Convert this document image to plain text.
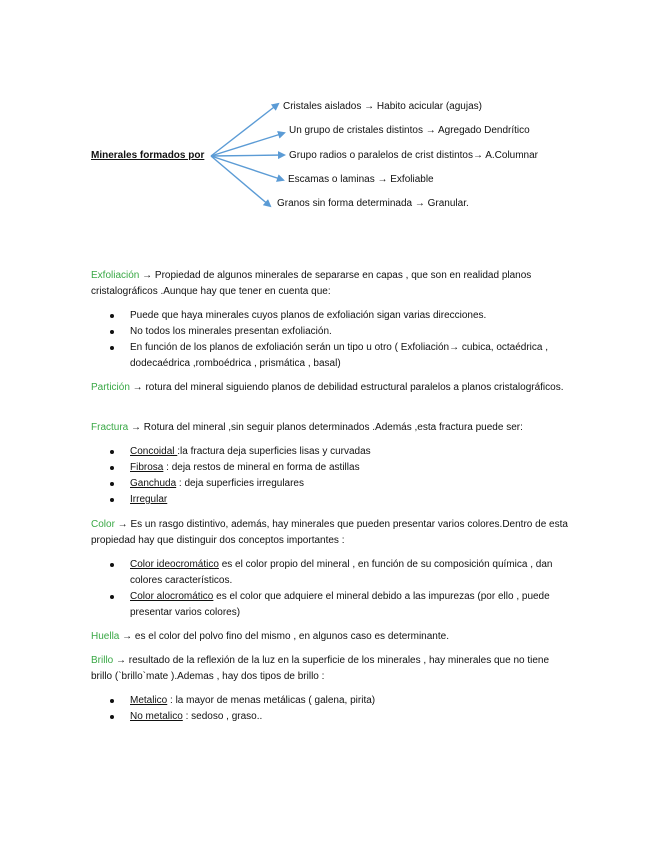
Minerales formados por
Cristales aislados → Habito acicular (agujas)
Un grupo de cristales distintos → Agregado Dendrítico
Grupo radios o paralelos de crist distintos→ A.Columnar
Escamas o laminas → Exfoliable
Granos sin forma determinada → Granular.

Exfoliación → Propiedad de algunos minerales de separarse en capas , que son en realidad planos cristalográficos .Aunque hay que tener en cuenta que:

Puede que haya minerales cuyos planos de exfoliación sigan varias direcciones.
No todos los minerales presentan exfoliación.
En función de los planos de exfoliación serán un tipo u otro ( Exfoliación→ cubica, octaédrica , dodecaédrica ,romboédrica , prismática , basal)

Partición → rotura del mineral siguiendo planos de debilidad estructural paralelos a planos cristalográficos.

Fractura → Rotura del mineral ,sin seguir planos determinados .Además ,esta fractura puede ser:

Concoidal :la fractura deja superficies lisas y curvadas
Fibrosa : deja restos de mineral en forma de astillas
Ganchuda : deja superficies irregulares
Irregular

Color → Es un rasgo distintivo, además, hay minerales que pueden presentar varios colores.Dentro de esta propiedad hay que distinguir dos conceptos importantes :

Color ideocromático es el color propio del mineral , en función de su composición química , dan colores característicos.
Color alocromático es el color que adquiere el mineral debido a las impurezas (por ello , puede presentar varios colores)

Huella → es el color del polvo fino del mismo , en algunos caso es determinante.

Brillo → resultado de la reflexión de la luz en la superficie de los minerales , hay minerales que no tiene brillo (`brillo`mate ).Ademas , hay dos tipos de brillo :

Metalico : la mayor de menas metálicas ( galena, pirita)
No metalico : sedoso , graso..
